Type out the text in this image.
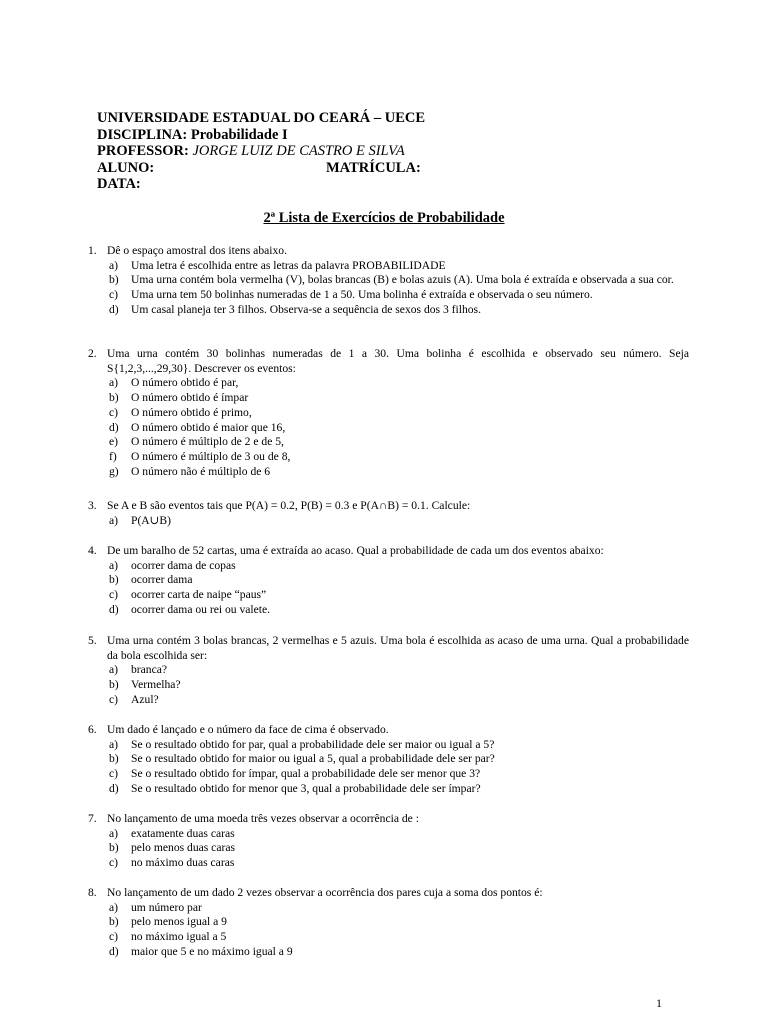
UNIVERSIDADE ESTADUAL DO CEARÁ – UECE
DISCIPLINA: Probabilidade I
PROFESSOR: JORGE LUIZ DE CASTRO E SILVA
ALUNO:	MATRÍCULA:
DATA:
2ª Lista de Exercícios de Probabilidade
1. Dê o espaço amostral dos itens abaixo.
a) Uma letra é escolhida entre as letras da palavra PROBABILIDADE
b) Uma urna contém bola vermelha (V), bolas brancas (B) e bolas azuis (A). Uma bola é extraída e observada a sua cor.
c) Uma urna tem 50 bolinhas numeradas de 1 a 50. Uma bolinha é extraída e observada o seu número.
d) Um casal planeja ter 3 filhos. Observa-se a sequência de sexos dos 3 filhos.
2. Uma urna contém 30 bolinhas numeradas de 1 a 30. Uma bolinha é escolhida e observado seu número. Seja S{1,2,3,...,29,30}. Descrever os eventos:
a) O número obtido é par,
b) O número obtido é ímpar
c) O número obtido é primo,
d) O número obtido é maior que 16,
e) O número é múltiplo de 2 e de 5,
f) O número é múltiplo de 3 ou de 8,
g) O número não é múltiplo de 6
3. Se A e B são eventos tais que P(A) = 0.2, P(B) = 0.3 e P(A∩B) = 0.1. Calcule:
a) P(A∪B)
4. De um baralho de 52 cartas, uma é extraída ao acaso. Qual a probabilidade de cada um dos eventos abaixo:
a) ocorrer dama de copas
b) ocorrer dama
c) ocorrer carta de naipe “paus”
d) ocorrer dama ou rei ou valete.
5. Uma urna contém 3 bolas brancas, 2 vermelhas e 5 azuis. Uma bola é escolhida as acaso de uma urna. Qual a probabilidade da bola escolhida ser:
a) branca?
b) Vermelha?
c) Azul?
6. Um dado é lançado e o número da face de cima é observado.
a) Se o resultado obtido for par, qual a probabilidade dele ser maior ou igual a 5?
b) Se o resultado obtido for maior ou igual a 5, qual a probabilidade dele ser par?
c) Se o resultado obtido for ímpar, qual a probabilidade dele ser menor que 3?
d) Se o resultado obtido for menor que 3, qual a probabilidade dele ser ímpar?
7. No lançamento de uma moeda três vezes observar a ocorrência de :
a) exatamente duas caras
b) pelo menos duas caras
c) no máximo duas caras
8. No lançamento de um dado 2 vezes observar a ocorrência dos pares cuja a soma dos pontos é:
a) um número par
b) pelo menos igual a 9
c) no máximo igual a 5
d) maior que 5 e no máximo igual a 9
1
